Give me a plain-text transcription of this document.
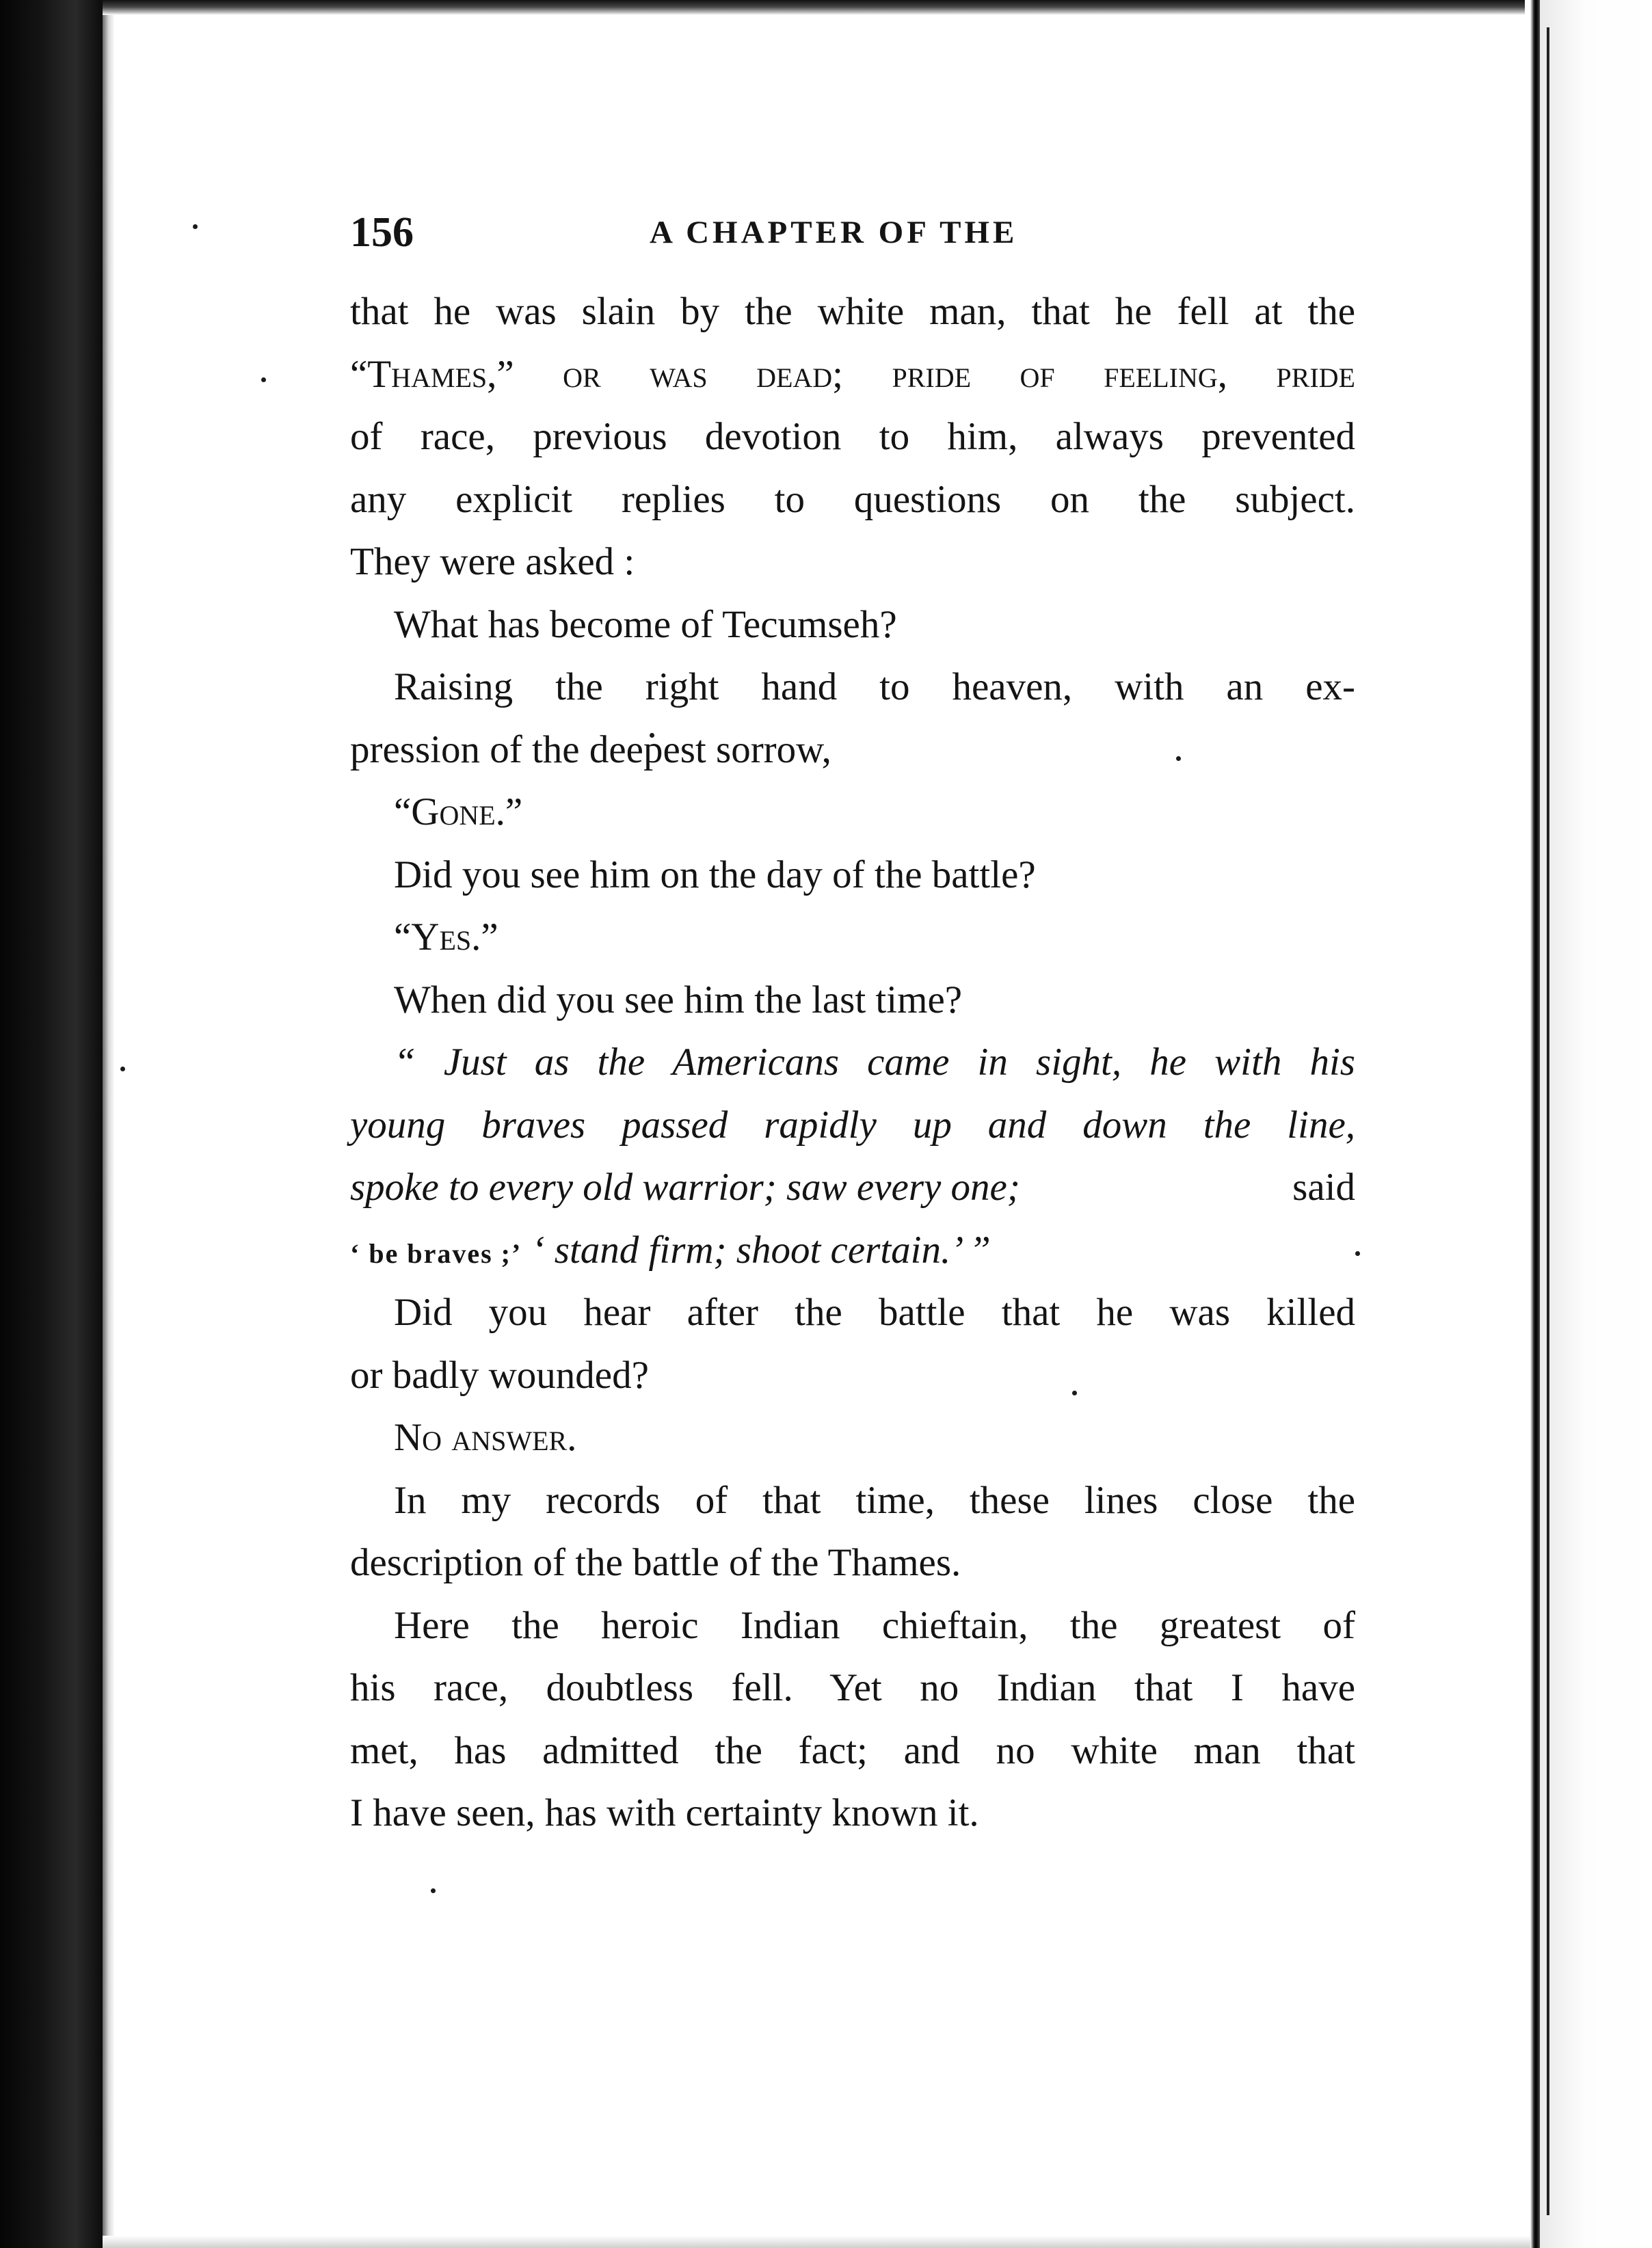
156	A CHAPTER OF THE
that he was slain by the white man, that he fell at the
“Thames,” or was dead; pride of feeling, pride
of race, previous devotion to him, always prevented
any explicit replies to questions on the subject.
They were asked :
What has become of Tecumseh?
Raising the right hand to heaven, with an ex-
pression of the deepest sorrow,
“Gone.”
Did you see him on the day of the battle?
“Yes.”
When did you see him the last time?
“ Just as the Americans came in sight, he with his
young braves passed rapidly up and down the line,
spoke to every old warrior; saw every one;	said
‘ be braves ;’ ‘ stand firm; shoot certain.’ ”
Did you hear after the battle that he was killed
or badly wounded?
No answer.
In my records of that time, these lines close the
description of the battle of the Thames.
Here the heroic Indian chieftain, the greatest of
his race, doubtless fell. Yet no Indian that I have
met, has admitted the fact; and no white man that
I have seen, has with certainty known it.
